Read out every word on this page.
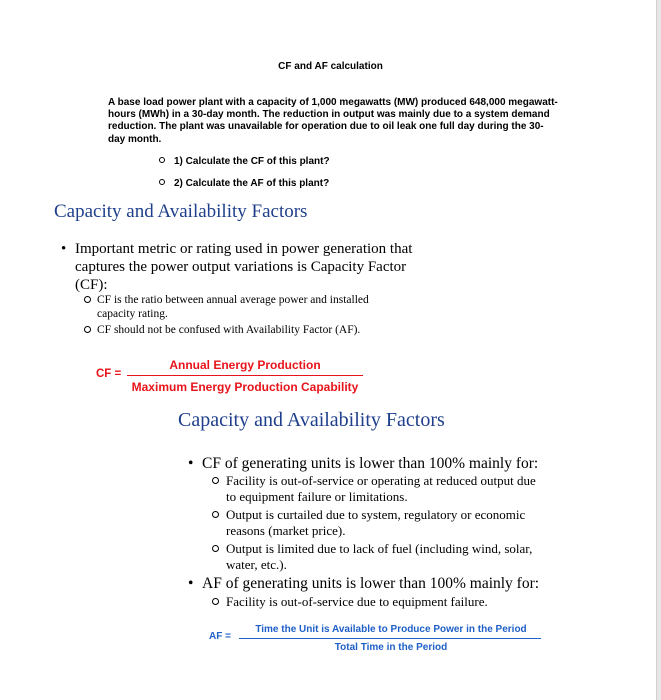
CF and AF calculation
A base load power plant with a capacity of 1,000 megawatts (MW) produced 648,000 megawatt-hours (MWh) in a 30-day month. The reduction in output was mainly due to a system demand reduction. The plant was unavailable for operation due to oil leak one full day during the 30-day month.
1) Calculate the CF of this plant?
2) Calculate the AF of this plant?
Capacity and Availability Factors
• Important metric or rating used in power generation that
captures the power output variations is Capacity Factor
(CF):
CF is the ratio between annual average power and installed
capacity rating.
CF should not be confused with Availability Factor (AF).
CF =
Annual Energy Production
Maximum Energy Production Capability
Capacity and Availability Factors
• CF of generating units is lower than 100% mainly for:
Facility is out-of-service or operating at reduced output due
to equipment failure or limitations.
Output is curtailed due to system, regulatory or economic
reasons (market price).
Output is limited due to lack of fuel (including wind, solar,
water, etc.).
• AF of generating units is lower than 100% mainly for:
Facility is out-of-service due to equipment failure.
AF =
Time the Unit is Available to Produce Power in the Period
Total Time in the Period
